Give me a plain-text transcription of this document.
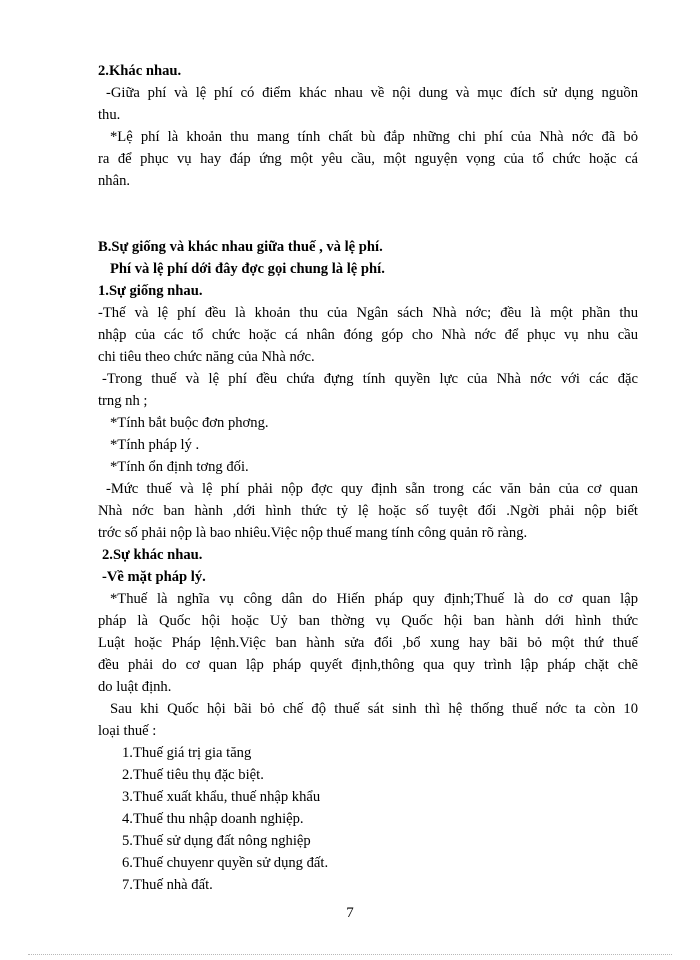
2.Khác nhau.
-Giữa phí và lệ phí có điểm khác nhau về nội dung và mục đích sử dụng nguồn
thu.
*Lệ phí là khoản thu mang tính chất bù đắp những chi phí của Nhà nớc đã bỏ
ra để phục vụ hay đáp ứng một yêu cầu, một nguyện vọng của tổ chức hoặc cá
nhân.
B.Sự giống và khác nhau giữa thuế , và lệ phí.
Phí và lệ phí dới đây đợc gọi chung là lệ phí.
1.Sự giống nhau.
-Thế và lệ phí đều là khoản thu của Ngân sách Nhà nớc; đều là một phần thu
nhập của các tổ chức hoặc cá nhân đóng góp cho Nhà nớc để phục vụ nhu cầu
chi tiêu theo chức năng của Nhà nớc.
-Trong thuế và lệ phí đều chứa đựng tính quyền lực của Nhà nớc với các đặc
trng nh ;
*Tính bắt buộc đơn phơng.
*Tính pháp lý .
*Tính ổn định tơng đối.
-Mức thuế và lệ phí phải nộp đợc quy định sẵn trong các văn bản của cơ quan
Nhà nớc ban hành ,dới hình thức tỷ lệ hoặc số tuyệt đối .Ngời phải nộp biết
trớc số phải nộp là bao nhiêu.Việc nộp thuế mang tính công quản rõ ràng.
2.Sự khác nhau.
-Về mặt pháp lý.
*Thuế là nghĩa vụ công dân do Hiến pháp quy định;Thuế là do cơ quan lập
pháp là Quốc hội hoặc Uỷ ban thờng vụ Quốc hội ban hành dới hình thức
Luật hoặc Pháp lệnh.Việc ban hành sửa đổi ,bổ xung hay bãi bỏ một thứ thuế
đều phải do cơ quan lập pháp quyết định,thông qua quy trình lập pháp chặt chẽ
do luật định.
Sau khi Quốc hội bãi bỏ chế độ thuế sát sinh thì hệ thống thuế nớc ta còn 10
loại thuế :
1.Thuế giá trị gia tăng
2.Thuế tiêu thụ đặc biệt.
3.Thuế xuất khẩu, thuế nhập khẩu
4.Thuế thu nhập doanh nghiệp.
5.Thuế sử dụng đất nông nghiệp
6.Thuế chuyenr quyền sử dụng đất.
7.Thuế nhà đất.
7
